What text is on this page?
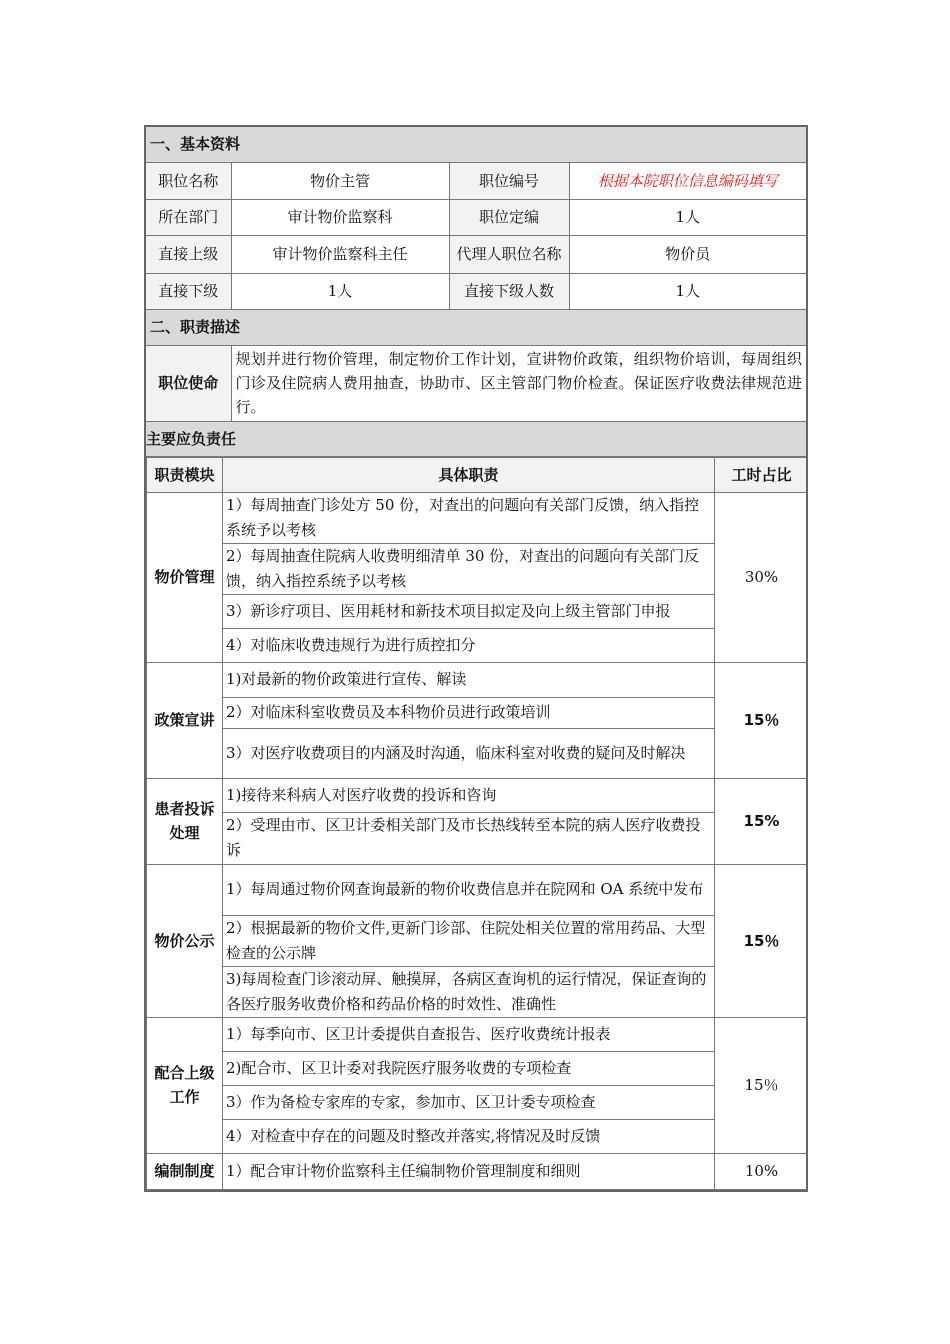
一、基本资料
职位名称	物价主管	职位编号	根据本院职位信息编码填写
所在部门	审计物价监察科	职位定编	1人
直接上级	审计物价监察科主任	代理人职位名称	物价员
直接下级	1人	直接下级人数	1人
二、职责描述
职位使命	规划并进行物价管理，制定物价工作计划，宣讲物价政策，组织物价培训，每周组织门诊及住院病人费用抽查，协助市、区主管部门物价检查。保证医疗收费法律规范进行。
主要应负责任

职责模块	具体职责	工时占比
物价管理	1）每周抽查门诊处方 50 份，对查出的问题向有关部门反馈，纳入指控系统予以考核	30%
2）每周抽查住院病人收费明细清单 30 份，对查出的问题向有关部门反馈，纳入指控系统予以考核
3）新诊疗项目、医用耗材和新技术项目拟定及向上级主管部门申报
4）对临床收费违规行为进行质控扣分
政策宣讲	1)对最新的物价政策进行宣传、解读	15％
2）对临床科室收费员及本科物价员进行政策培训
3）对医疗收费项目的内涵及时沟通，临床科室对收费的疑问及时解决
患者投诉处理	1)接待来科病人对医疗收费的投诉和咨询	15%
2）受理由市、区卫计委相关部门及市长热线转至本院的病人医疗收费投诉
物价公示	1）每周通过物价网查询最新的物价收费信息并在院网和 OA 系统中发布	15％
2）根据最新的物价文件,更新门诊部、住院处相关位置的常用药品、大型检查的公示牌
3)每周检查门诊滚动屏、触摸屏，各病区查询机的运行情况，保证查询的各医疗服务收费价格和药品价格的时效性、准确性
配合上级工作	1）每季向市、区卫计委提供自查报告、医疗收费统计报表	15％
2)配合市、区卫计委对我院医疗服务收费的专项检查
3）作为备检专家库的专家，参加市、区卫计委专项检查
4）对检查中存在的问题及时整改并落实,将情况及时反馈
编制制度	1）配合审计物价监察科主任编制物价管理制度和细则	10%
